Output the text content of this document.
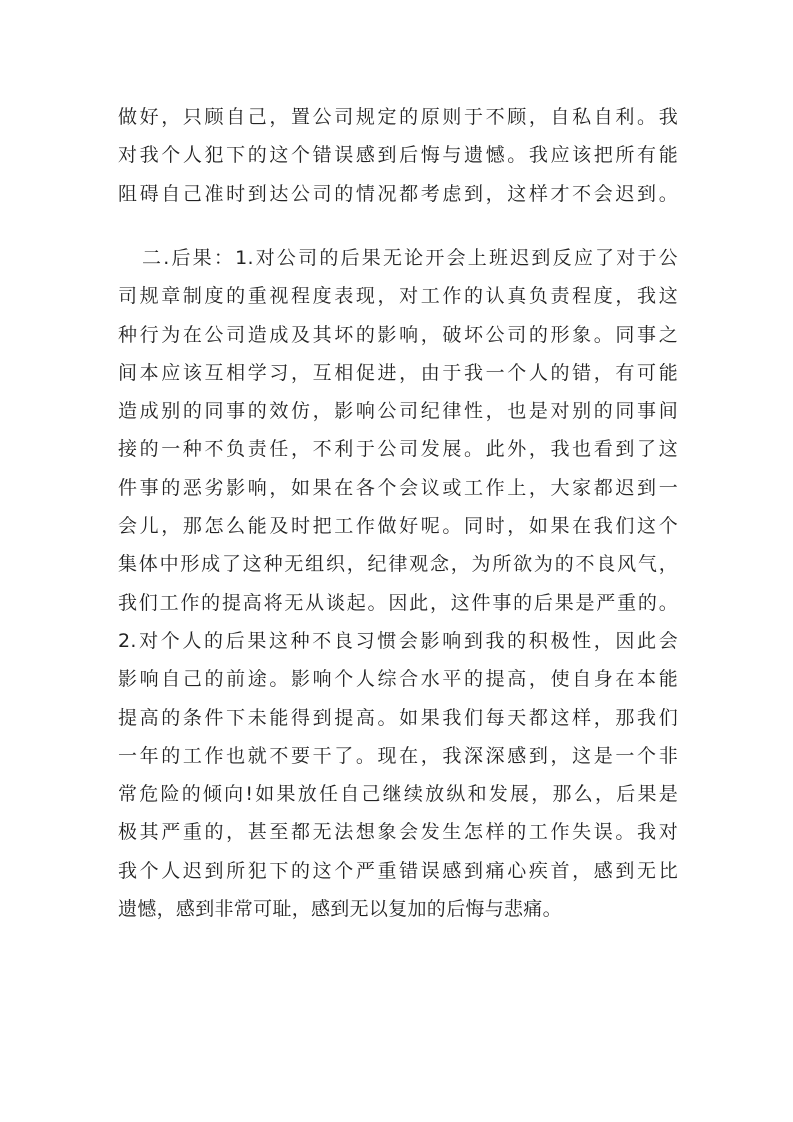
做好，只顾自己，置公司规定的原则于不顾，自私自利。我
对我个人犯下的这个错误感到后悔与遗憾。我应该把所有能
阻碍自己准时到达公司的情况都考虑到，这样才不会迟到。
二.后果：1.对公司的后果无论开会上班迟到反应了对于公
司规章制度的重视程度表现，对工作的认真负责程度，我这
种行为在公司造成及其坏的影响，破坏公司的形象。同事之
间本应该互相学习，互相促进，由于我一个人的错，有可能
造成别的同事的效仿，影响公司纪律性，也是对别的同事间
接的一种不负责任，不利于公司发展。此外，我也看到了这
件事的恶劣影响，如果在各个会议或工作上，大家都迟到一
会儿，那怎么能及时把工作做好呢。同时，如果在我们这个
集体中形成了这种无组织，纪律观念，为所欲为的不良风气，
我们工作的提高将无从谈起。因此，这件事的后果是严重的。
2.对个人的后果这种不良习惯会影响到我的积极性，因此会
影响自己的前途。影响个人综合水平的提高，使自身在本能
提高的条件下未能得到提高。如果我们每天都这样，那我们
一年的工作也就不要干了。现在，我深深感到，这是一个非
常危险的倾向!如果放任自己继续放纵和发展，那么，后果是
极其严重的，甚至都无法想象会发生怎样的工作失误。我对
我个人迟到所犯下的这个严重错误感到痛心疾首，感到无比
遗憾，感到非常可耻，感到无以复加的后悔与悲痛。
